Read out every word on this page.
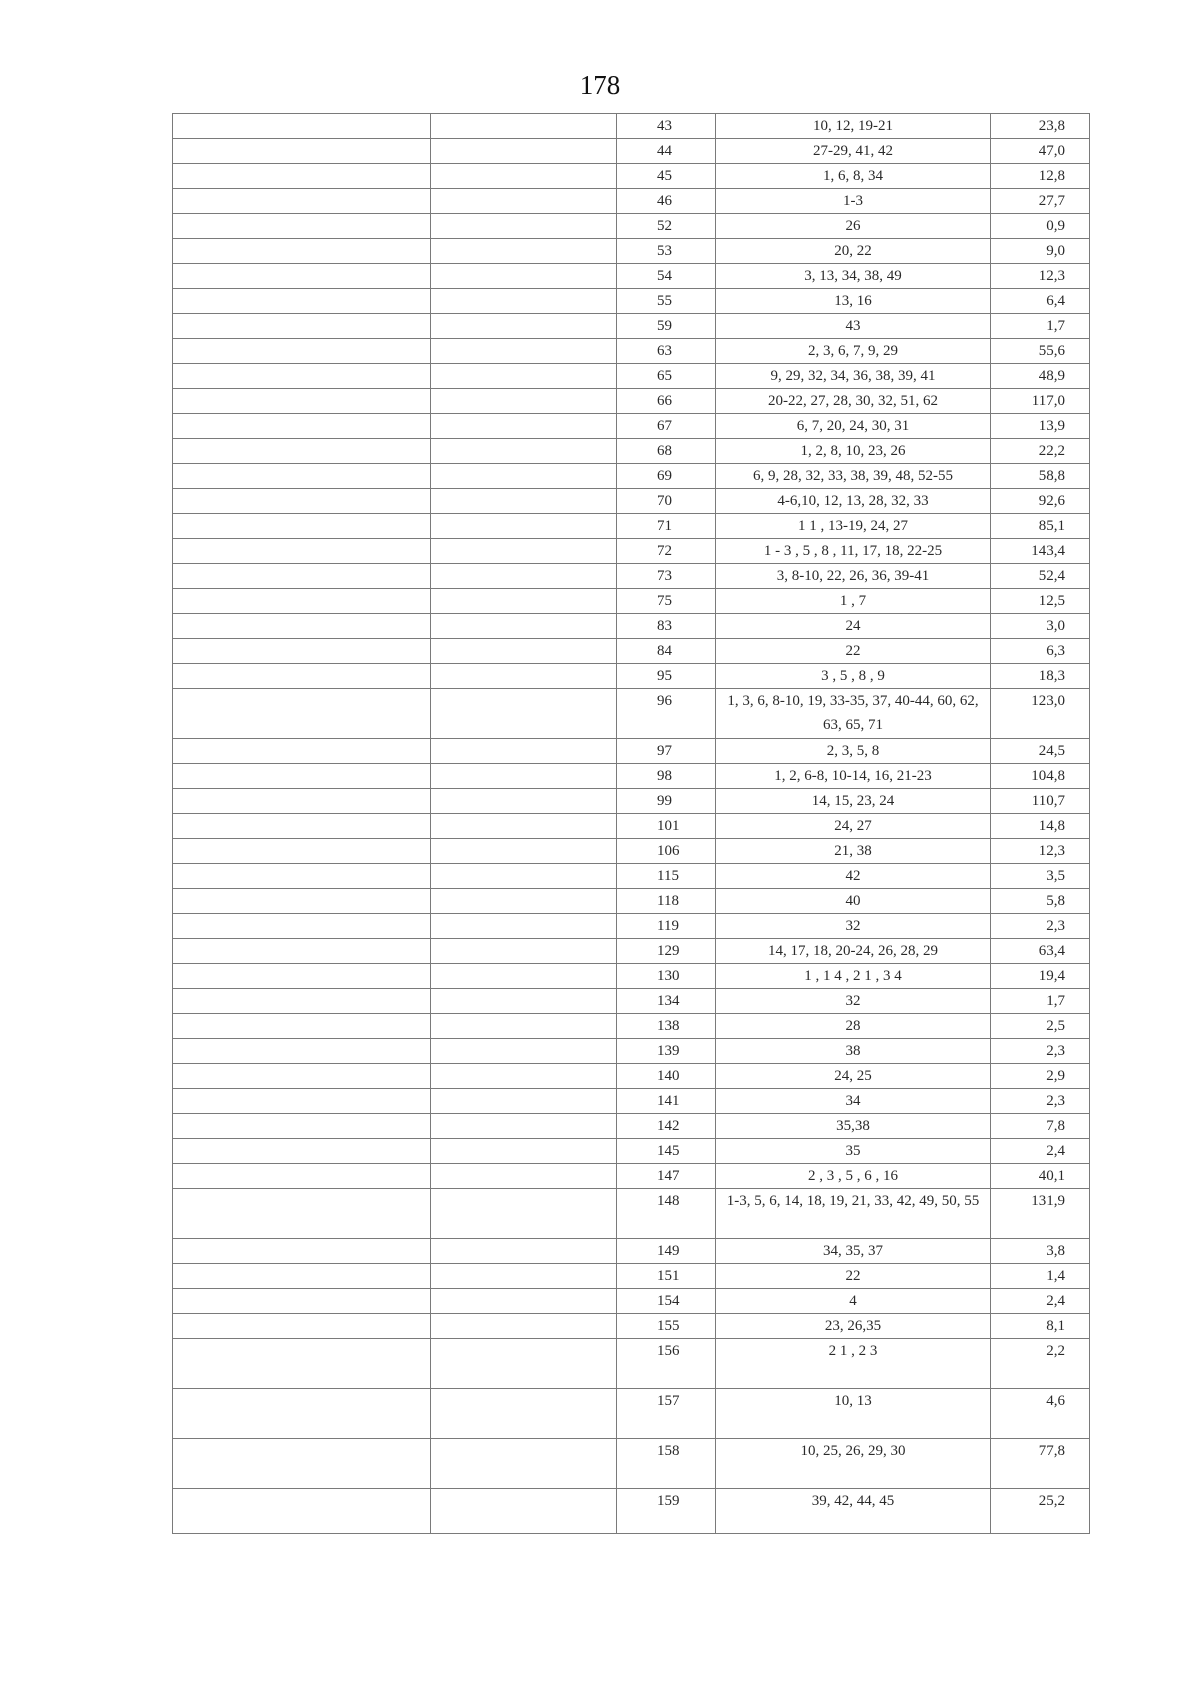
178
		43	10, 12, 19-21	23,8
		44	27-29, 41, 42	47,0
		45	1, 6, 8, 34	12,8
		46	1-3	27,7
		52	26	0,9
		53	20, 22	9,0
		54	3, 13, 34, 38, 49	12,3
		55	13, 16	6,4
		59	43	1,7
		63	2, 3, 6, 7, 9, 29	55,6
		65	9, 29, 32, 34, 36, 38, 39, 41	48,9
		66	20-22, 27, 28, 30, 32, 51, 62	117,0
		67	6, 7, 20, 24, 30, 31	13,9
		68	1, 2, 8, 10, 23, 26	22,2
		69	6, 9, 28, 32, 33, 38, 39, 48, 52-55	58,8
		70	4-6,10, 12, 13, 28, 32, 33	92,6
		71	1 1 , 13-19, 24, 27	85,1
		72	1 - 3 , 5 , 8 , 11, 17, 18, 22-25	143,4
		73	3, 8-10, 22, 26, 36, 39-41	52,4
		75	1 , 7	12,5
		83	24	3,0
		84	22	6,3
		95	3 , 5 , 8 , 9	18,3
		96	1, 3, 6, 8-10, 19, 33-35, 37, 40-44, 60, 62, 63, 65, 71	123,0
		97	2, 3, 5, 8	24,5
		98	1, 2, 6-8, 10-14, 16, 21-23	104,8
		99	14, 15, 23, 24	110,7
		101	24, 27	14,8
		106	21, 38	12,3
		115	42	3,5
		118	40	5,8
		119	32	2,3
		129	14, 17, 18, 20-24, 26, 28, 29	63,4
		130	1 , 1 4 , 2 1 , 3 4	19,4
		134	32	1,7
		138	28	2,5
		139	38	2,3
		140	24, 25	2,9
		141	34	2,3
		142	35,38	7,8
		145	35	2,4
		147	2 , 3 , 5 , 6 , 16	40,1
		148	1-3, 5, 6, 14, 18, 19, 21, 33, 42, 49, 50, 55	131,9
		149	34, 35, 37	3,8
		151	22	1,4
		154	4	2,4
		155	23, 26,35	8,1
		156	2 1 , 2 3	2,2
		157	10, 13	4,6
		158	10, 25, 26, 29, 30	77,8
		159	39, 42, 44, 45	25,2
